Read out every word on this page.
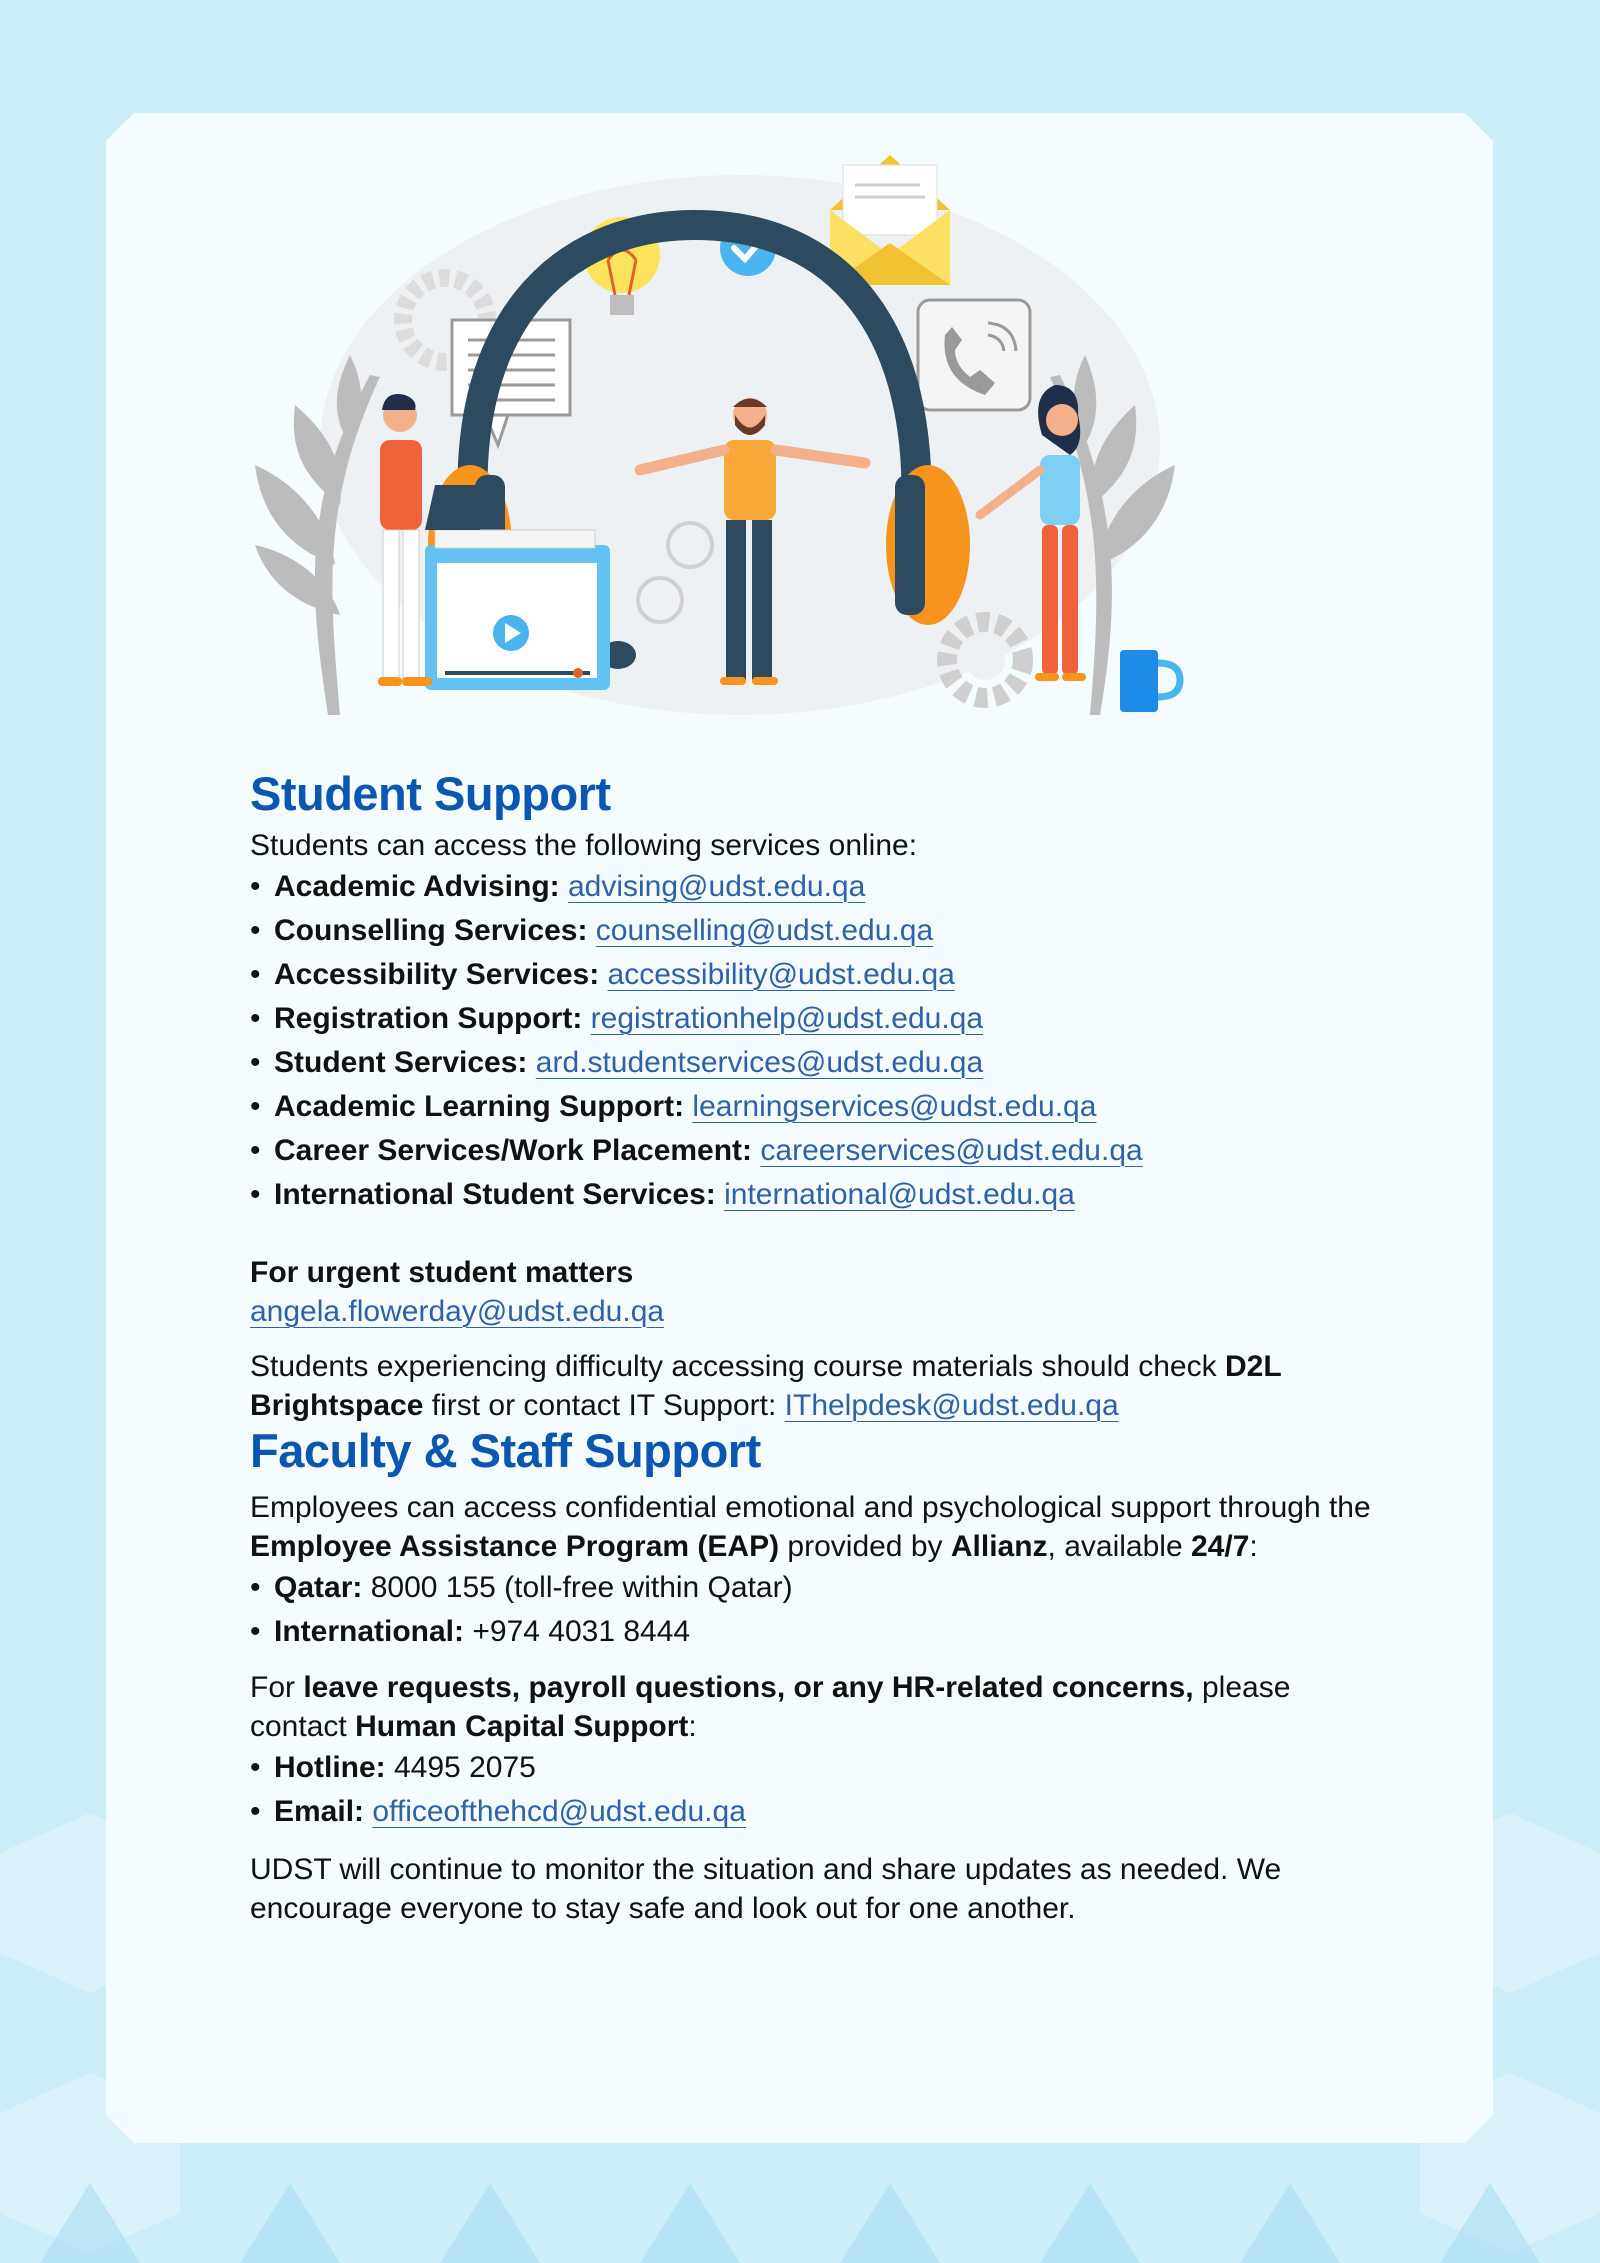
Student Support

Students can access the following services online:

• Academic Advising: advising@udst.edu.qa
• Counselling Services: counselling@udst.edu.qa
• Accessibility Services: accessibility@udst.edu.qa
• Registration Support: registrationhelp@udst.edu.qa
• Student Services: ard.studentservices@udst.edu.qa
• Academic Learning Support: learningservices@udst.edu.qa
• Career Services/Work Placement: careerservices@udst.edu.qa
• International Student Services: international@udst.edu.qa

For urgent student matters

angela.flowerday@udst.edu.qa

Students experiencing difficulty accessing course materials should check D2L Brightspace first or contact IT Support: IThelpdesk@udst.edu.qa

Faculty & Staff Support

Employees can access confidential emotional and psychological support through the Employee Assistance Program (EAP) provided by Allianz, available 24/7:

• Qatar: 8000 155 (toll-free within Qatar)
• International: +974 4031 8444

For leave requests, payroll questions, or any HR-related concerns, please contact Human Capital Support:

• Hotline: 4495 2075
• Email: officeofthehcd@udst.edu.qa

UDST will continue to monitor the situation and share updates as needed. We encourage everyone to stay safe and look out for one another.
